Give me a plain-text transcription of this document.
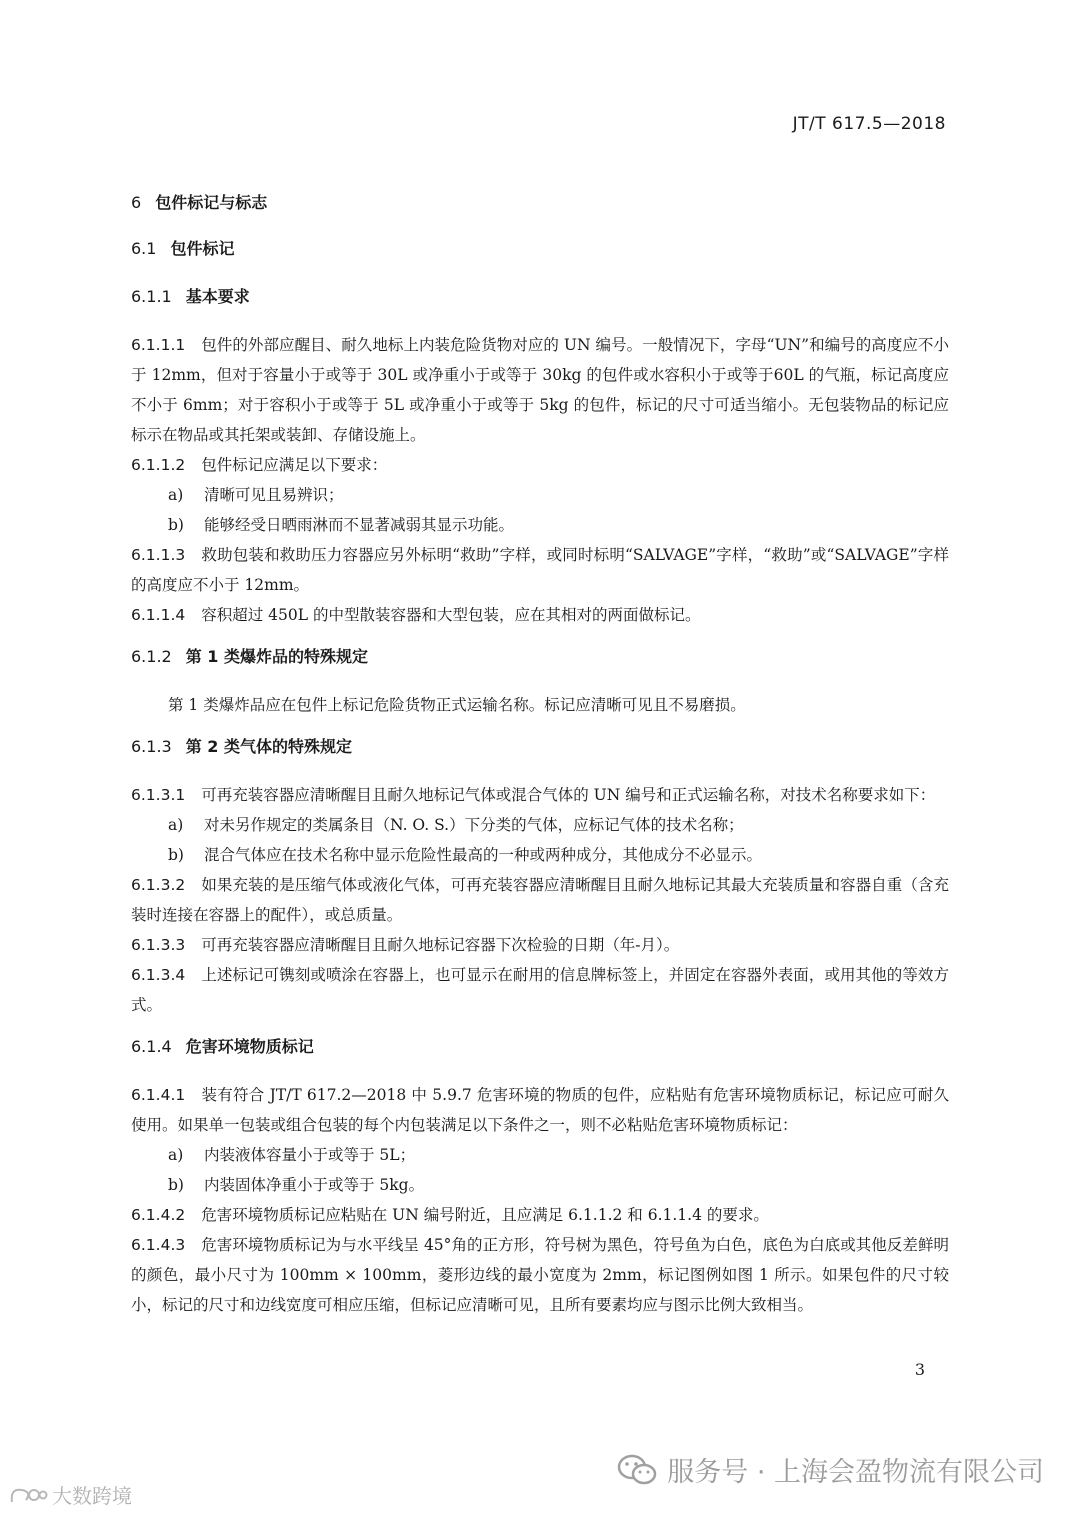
JT/T 617.5—2018
6 包件标记与标志
6.1 包件标记
6.1.1 基本要求

6.1.1.1 包件的外部应醒目、耐久地标上内装危险货物对应的 UN 编号。一般情况下，字母“UN”和编号的高度应不小于 12mm，但对于容量小于或等于 30L 或净重小于或等于 30kg 的包件或水容积小于或等于60L 的气瓶，标记高度应不小于 6mm；对于容积小于或等于 5L 或净重小于或等于 5kg 的包件，标记的尺寸可适当缩小。无包装物品的标记应标示在物品或其托架或装卸、存储设施上。

6.1.1.2 包件标记应满足以下要求：

a) 清晰可见且易辨识；

b) 能够经受日晒雨淋而不显著减弱其显示功能。

6.1.1.3 救助包装和救助压力容器应另外标明“救助”字样，或同时标明“SALVAGE”字样，“救助”或“SALVAGE”字样的高度应不小于 12mm。

6.1.1.4 容积超过 450L 的中型散装容器和大型包装，应在其相对的两面做标记。

6.1.2 第 1 类爆炸品的特殊规定

第 1 类爆炸品应在包件上标记危险货物正式运输名称。标记应清晰可见且不易磨损。

6.1.3 第 2 类气体的特殊规定

6.1.3.1 可再充装容器应清晰醒目且耐久地标记气体或混合气体的 UN 编号和正式运输名称，对技术名称要求如下：

a) 对未另作规定的类属条目（N. O. S.）下分类的气体，应标记气体的技术名称；

b) 混合气体应在技术名称中显示危险性最高的一种或两种成分，其他成分不必显示。

6.1.3.2 如果充装的是压缩气体或液化气体，可再充装容器应清晰醒目且耐久地标记其最大充装质量和容器自重（含充装时连接在容器上的配件），或总质量。

6.1.3.3 可再充装容器应清晰醒目且耐久地标记容器下次检验的日期（年-月）。

6.1.3.4 上述标记可镌刻或喷涂在容器上，也可显示在耐用的信息牌标签上，并固定在容器外表面，或用其他的等效方式。

6.1.4 危害环境物质标记

6.1.4.1 装有符合 JT/T 617.2—2018 中 5.9.7 危害环境的物质的包件，应粘贴有危害环境物质标记，标记应可耐久使用。如果单一包装或组合包装的每个内包装满足以下条件之一，则不必粘贴危害环境物质标记：

a) 内装液体容量小于或等于 5L；

b) 内装固体净重小于或等于 5kg。

6.1.4.2 危害环境物质标记应粘贴在 UN 编号附近，且应满足 6.1.1.2 和 6.1.1.4 的要求。

6.1.4.3 危害环境物质标记为与水平线呈 45°角的正方形，符号树为黑色，符号鱼为白色，底色为白底或其他反差鲜明的颜色，最小尺寸为 100mm × 100mm，菱形边线的最小宽度为 2mm，标记图例如图 1 所示。如果包件的尺寸较小，标记的尺寸和边线宽度可相应压缩，但标记应清晰可见，且所有要素均应与图示比例大致相当。

3
服务号 · 上海会盈物流有限公司
大数跨境
